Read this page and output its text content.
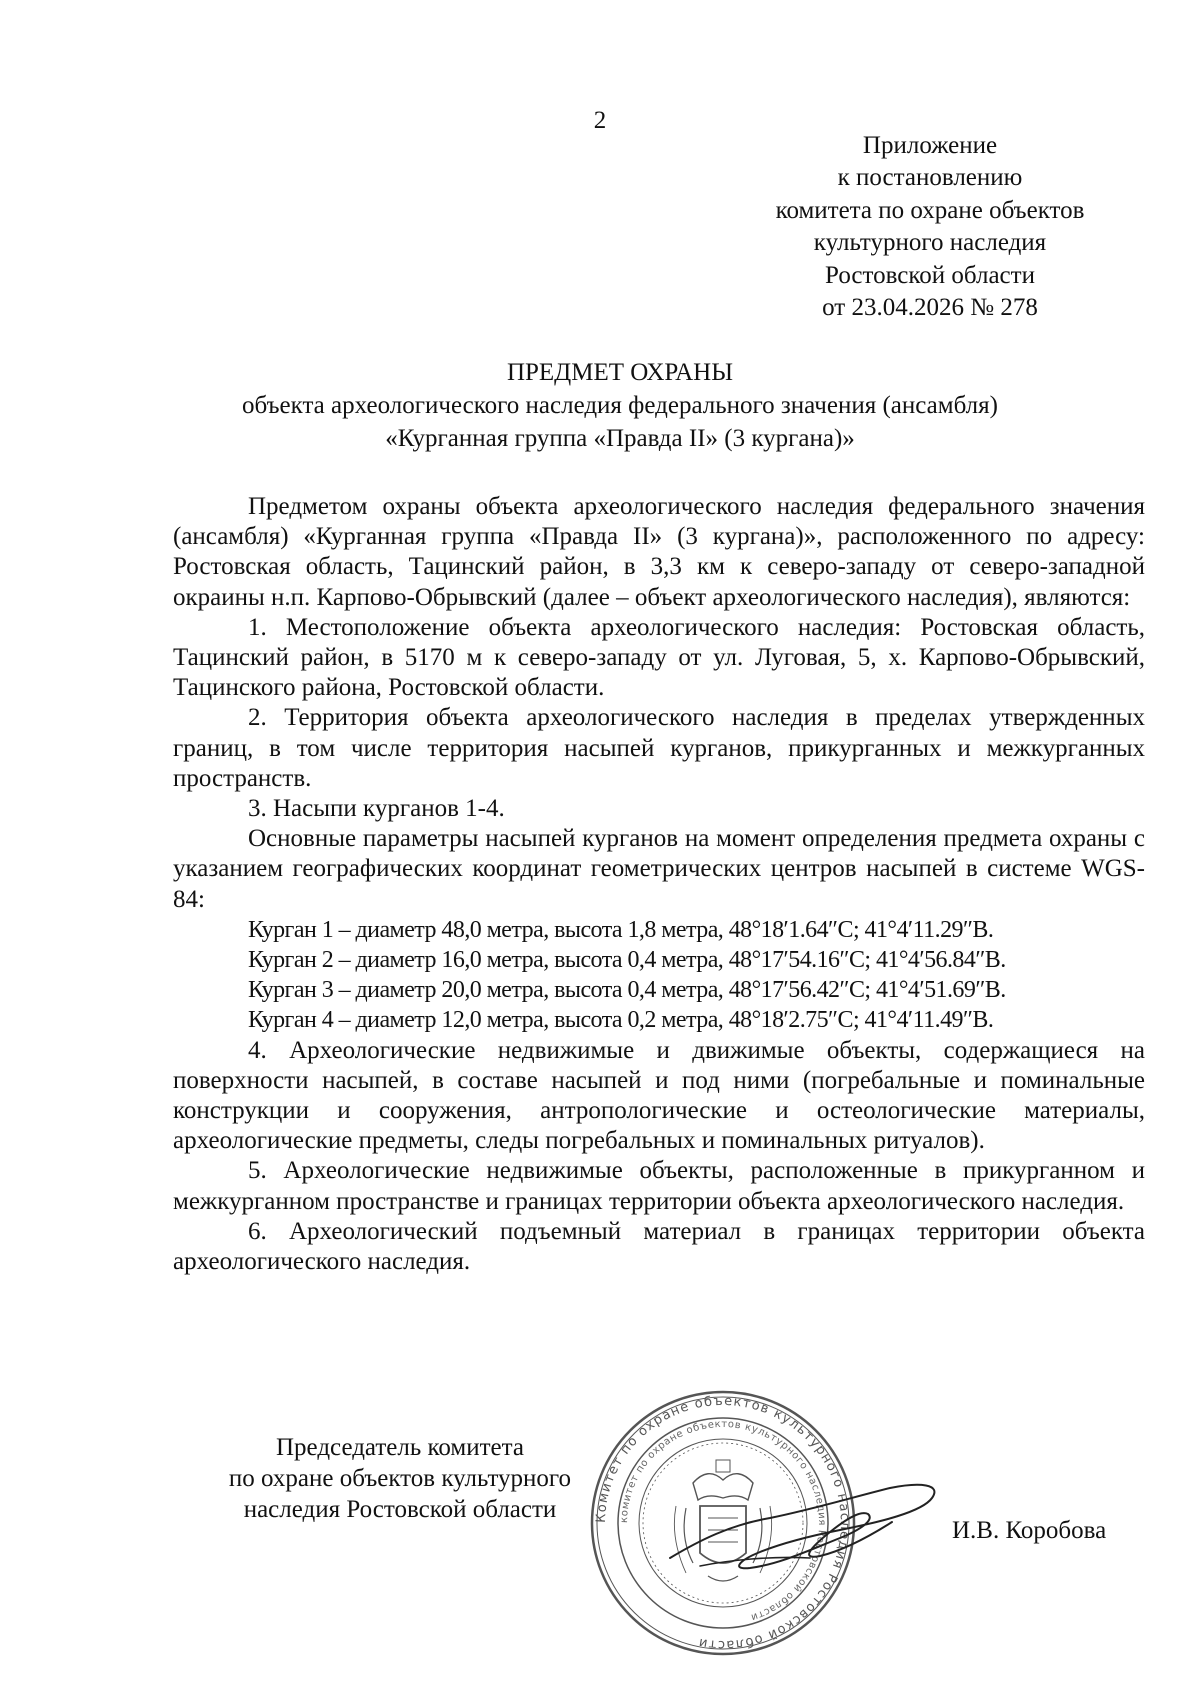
2
Приложение
к постановлению
комитета по охране объектов
культурного наследия
Ростовской области
от 23.04.2026 № 278
ПРЕДМЕТ ОХРАНЫ
объекта археологического наследия федерального значения (ансамбля)
«Курганная группа «Правда II» (3 кургана)»

Предметом охраны объекта археологического наследия федерального значения (ансамбля) «Курганная группа «Правда II» (3 кургана)», расположенного по адресу: Ростовская область, Тацинский район, в 3,3 км к северо-западу от северо-западной окраины н.п. Карпово-Обрывский (далее – объект археологического наследия), являются:

1. Местоположение объекта археологического наследия: Ростовская область, Тацинский район, в 5170 м к северо-западу от ул. Луговая, 5, х. Карпово-Обрывский, Тацинского района, Ростовской области.

2. Территория объекта археологического наследия в пределах утвержденных границ, в том числе территория насыпей курганов, прикурганных и межкурганных пространств.

3. Насыпи курганов 1-4.

Основные параметры насыпей курганов на момент определения предмета охраны с указанием географических координат геометрических центров насыпей в системе WGS-84:

Курган 1 – диаметр 48,0 метра, высота 1,8 метра, 48°18′1.64″С; 41°4′11.29″В.

Курган 2 – диаметр 16,0 метра, высота 0,4 метра, 48°17′54.16″С; 41°4′56.84″В.

Курган 3 – диаметр 20,0 метра, высота 0,4 метра, 48°17′56.42″С; 41°4′51.69″В.

Курган 4 – диаметр 12,0 метра, высота 0,2 метра, 48°18′2.75″С; 41°4′11.49″В.

4. Археологические недвижимые и движимые объекты, содержащиеся на поверхности насыпей, в составе насыпей и под ними (погребальные и поминальные конструкции и сооружения, антропологические и остеологические материалы, археологические предметы, следы погребальных и поминальных ритуалов).

5. Археологические недвижимые объекты, расположенные в прикурганном и межкурганном пространстве и границах территории объекта археологического наследия.

6. Археологический подъемный материал в границах территории объекта археологического наследия.

Председатель комитета
по охране объектов культурного
наследия Ростовской области	Комитет по охране объектов культурного наследия Ростовской области
комитет по охране объектов культурного наследия Ростовской области
И.В. Коробова
